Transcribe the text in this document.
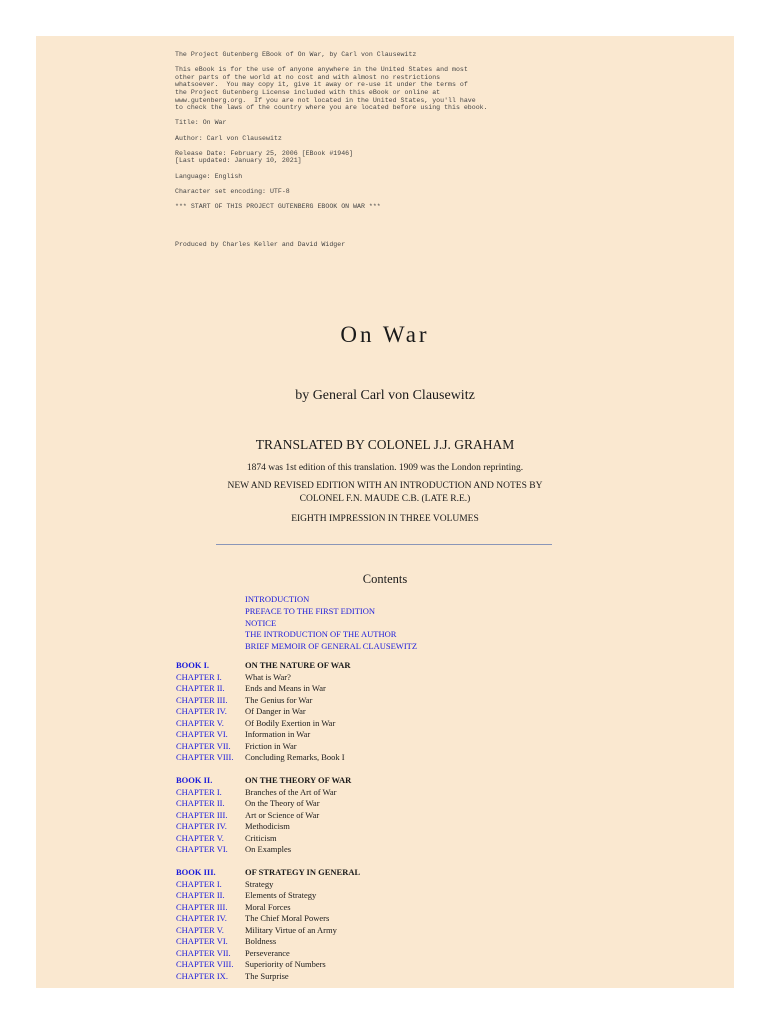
The Project Gutenberg EBook of On War, by Carl von Clausewitz

This eBook is for the use of anyone anywhere in the United States and most
other parts of the world at no cost and with almost no restrictions
whatsoever.  You may copy it, give it away or re-use it under the terms of
the Project Gutenberg License included with this eBook or online at
www.gutenberg.org.  If you are not located in the United States, you'll have
to check the laws of the country where you are located before using this ebook.

Title: On War

Author: Carl von Clausewitz

Release Date: February 25, 2006 [EBook #1946]
[Last updated: January 10, 2021]

Language: English

Character set encoding: UTF-8

*** START OF THIS PROJECT GUTENBERG EBOOK ON WAR ***

Produced by Charles Keller and David Widger
On War
by General Carl von Clausewitz
TRANSLATED BY COLONEL J.J. GRAHAM
1874 was 1st edition of this translation. 1909 was the London reprinting.
NEW AND REVISED EDITION WITH AN INTRODUCTION AND NOTES BY
COLONEL F.N. MAUDE C.B. (LATE R.E.)
EIGHTH IMPRESSION IN THREE VOLUMES
Contents
INTRODUCTION
PREFACE TO THE FIRST EDITION
NOTICE
THE INTRODUCTION OF THE AUTHOR
BRIEF MEMOIR OF GENERAL CLAUSEWITZ
BOOK I.	ON THE NATURE OF WAR
CHAPTER I.	What is War?
CHAPTER II. Ends and Means in War
CHAPTER III. The Genius for War
CHAPTER IV. Of Danger in War
CHAPTER V. Of Bodily Exertion in War
CHAPTER VI. Information in War
CHAPTER VII. Friction in War
CHAPTER VIII. Concluding Remarks, Book I
BOOK II.	ON THE THEORY OF WAR
CHAPTER I.	Branches of the Art of War
CHAPTER II. On the Theory of War
CHAPTER III. Art or Science of War
CHAPTER IV. Methodicism
CHAPTER V. Criticism
CHAPTER VI. On Examples
BOOK III.	OF STRATEGY IN GENERAL
CHAPTER I.	Strategy
CHAPTER II. Elements of Strategy
CHAPTER III. Moral Forces
CHAPTER IV. The Chief Moral Powers
CHAPTER V. Military Virtue of an Army
CHAPTER VI. Boldness
CHAPTER VII. Perseverance
CHAPTER VIII. Superiority of Numbers
CHAPTER IX. The Surprise
